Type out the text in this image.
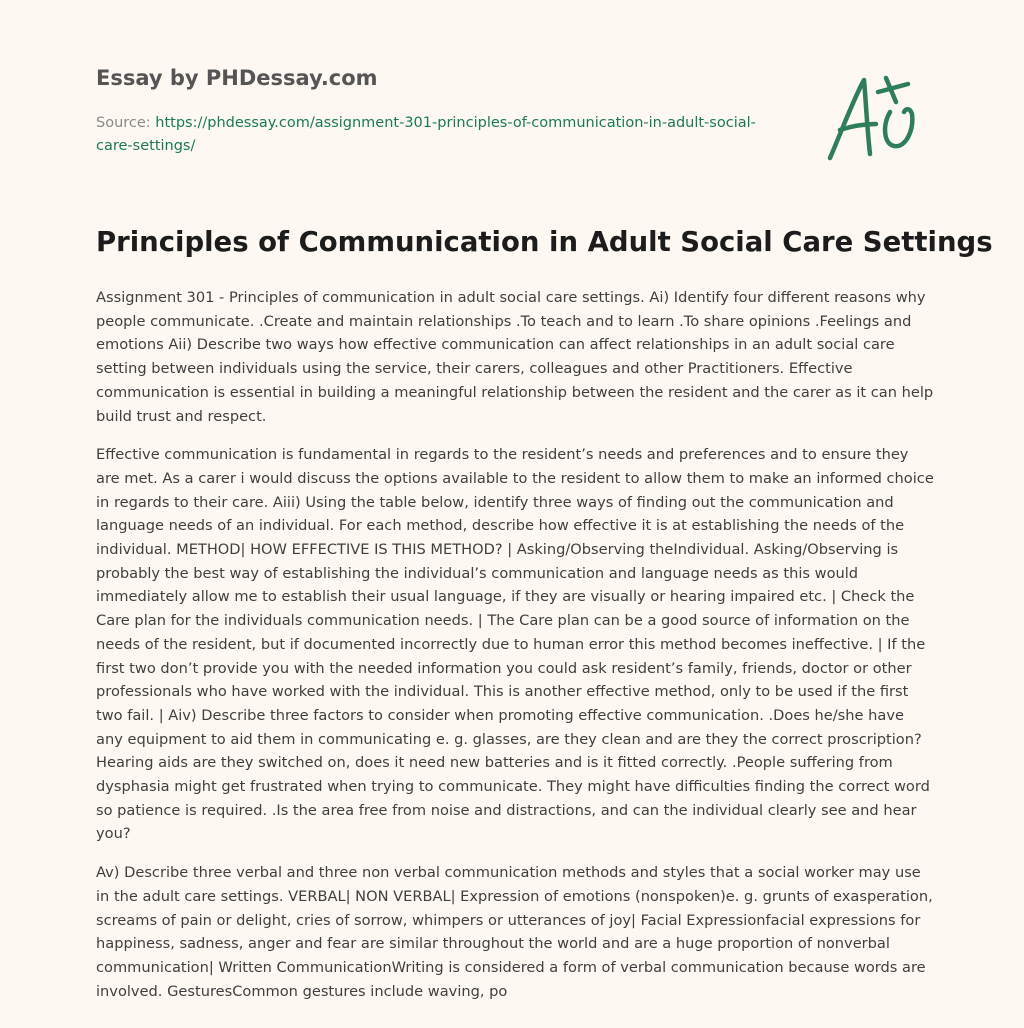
Essay by PHDessay.com
Source: https://phdessay.com/assignment-301-principles-of-communication-in-adult-social-care-settings/
Principles of Communication in Adult Social Care Settings

Assignment 301 - Principles of communication in adult social care settings. Ai) Identify four different reasons why people communicate. .Create and maintain relationships .To teach and to learn .To share opinions .Feelings and emotions Aii) Describe two ways how effective communication can affect relationships in an adult social care setting between individuals using the service, their carers, colleagues and other Practitioners. Effective communication is essential in building a meaningful relationship between the resident and the carer as it can help build trust and respect.

Effective communication is fundamental in regards to the resident’s needs and preferences and to ensure they are met. As a carer i would discuss the options available to the resident to allow them to make an informed choice in regards to their care. Aiii) Using the table below, identify three ways of finding out the communication and language needs of an individual. For each method, describe how effective it is at establishing the needs of the individual. METHOD| HOW EFFECTIVE IS THIS METHOD? | Asking/Observing theIndividual. Asking/Observing is probably the best way of establishing the individual’s communication and language needs as this would immediately allow me to establish their usual language, if they are visually or hearing impaired etc. | Check the Care plan for the individuals communication needs. | The Care plan can be a good source of information on the needs of the resident, but if documented incorrectly due to human error this method becomes ineffective. | If the first two don’t provide you with the needed information you could ask resident’s family, friends, doctor or other professionals who have worked with the individual. This is another effective method, only to be used if the first two fail. | Aiv) Describe three factors to consider when promoting effective communication. .Does he/she have any equipment to aid them in communicating e. g. glasses, are they clean and are they the correct proscription? Hearing aids are they switched on, does it need new batteries and is it fitted correctly. .People suffering from dysphasia might get frustrated when trying to communicate. They might have difficulties finding the correct word so patience is required. .Is the area free from noise and distractions, and can the individual clearly see and hear you?

Av) Describe three verbal and three non verbal communication methods and styles that a social worker may use in the adult care settings. VERBAL| NON VERBAL| Expression of emotions (nonspoken)e. g. grunts of exasperation, screams of pain or delight, cries of sorrow, whimpers or utterances of joy| Facial Expressionfacial expressions for happiness, sadness, anger and fear are similar throughout the world and are a huge proportion of nonverbal communication| Written CommunicationWriting is considered a form of verbal communication because words are involved. GesturesCommon gestures include waving, po
